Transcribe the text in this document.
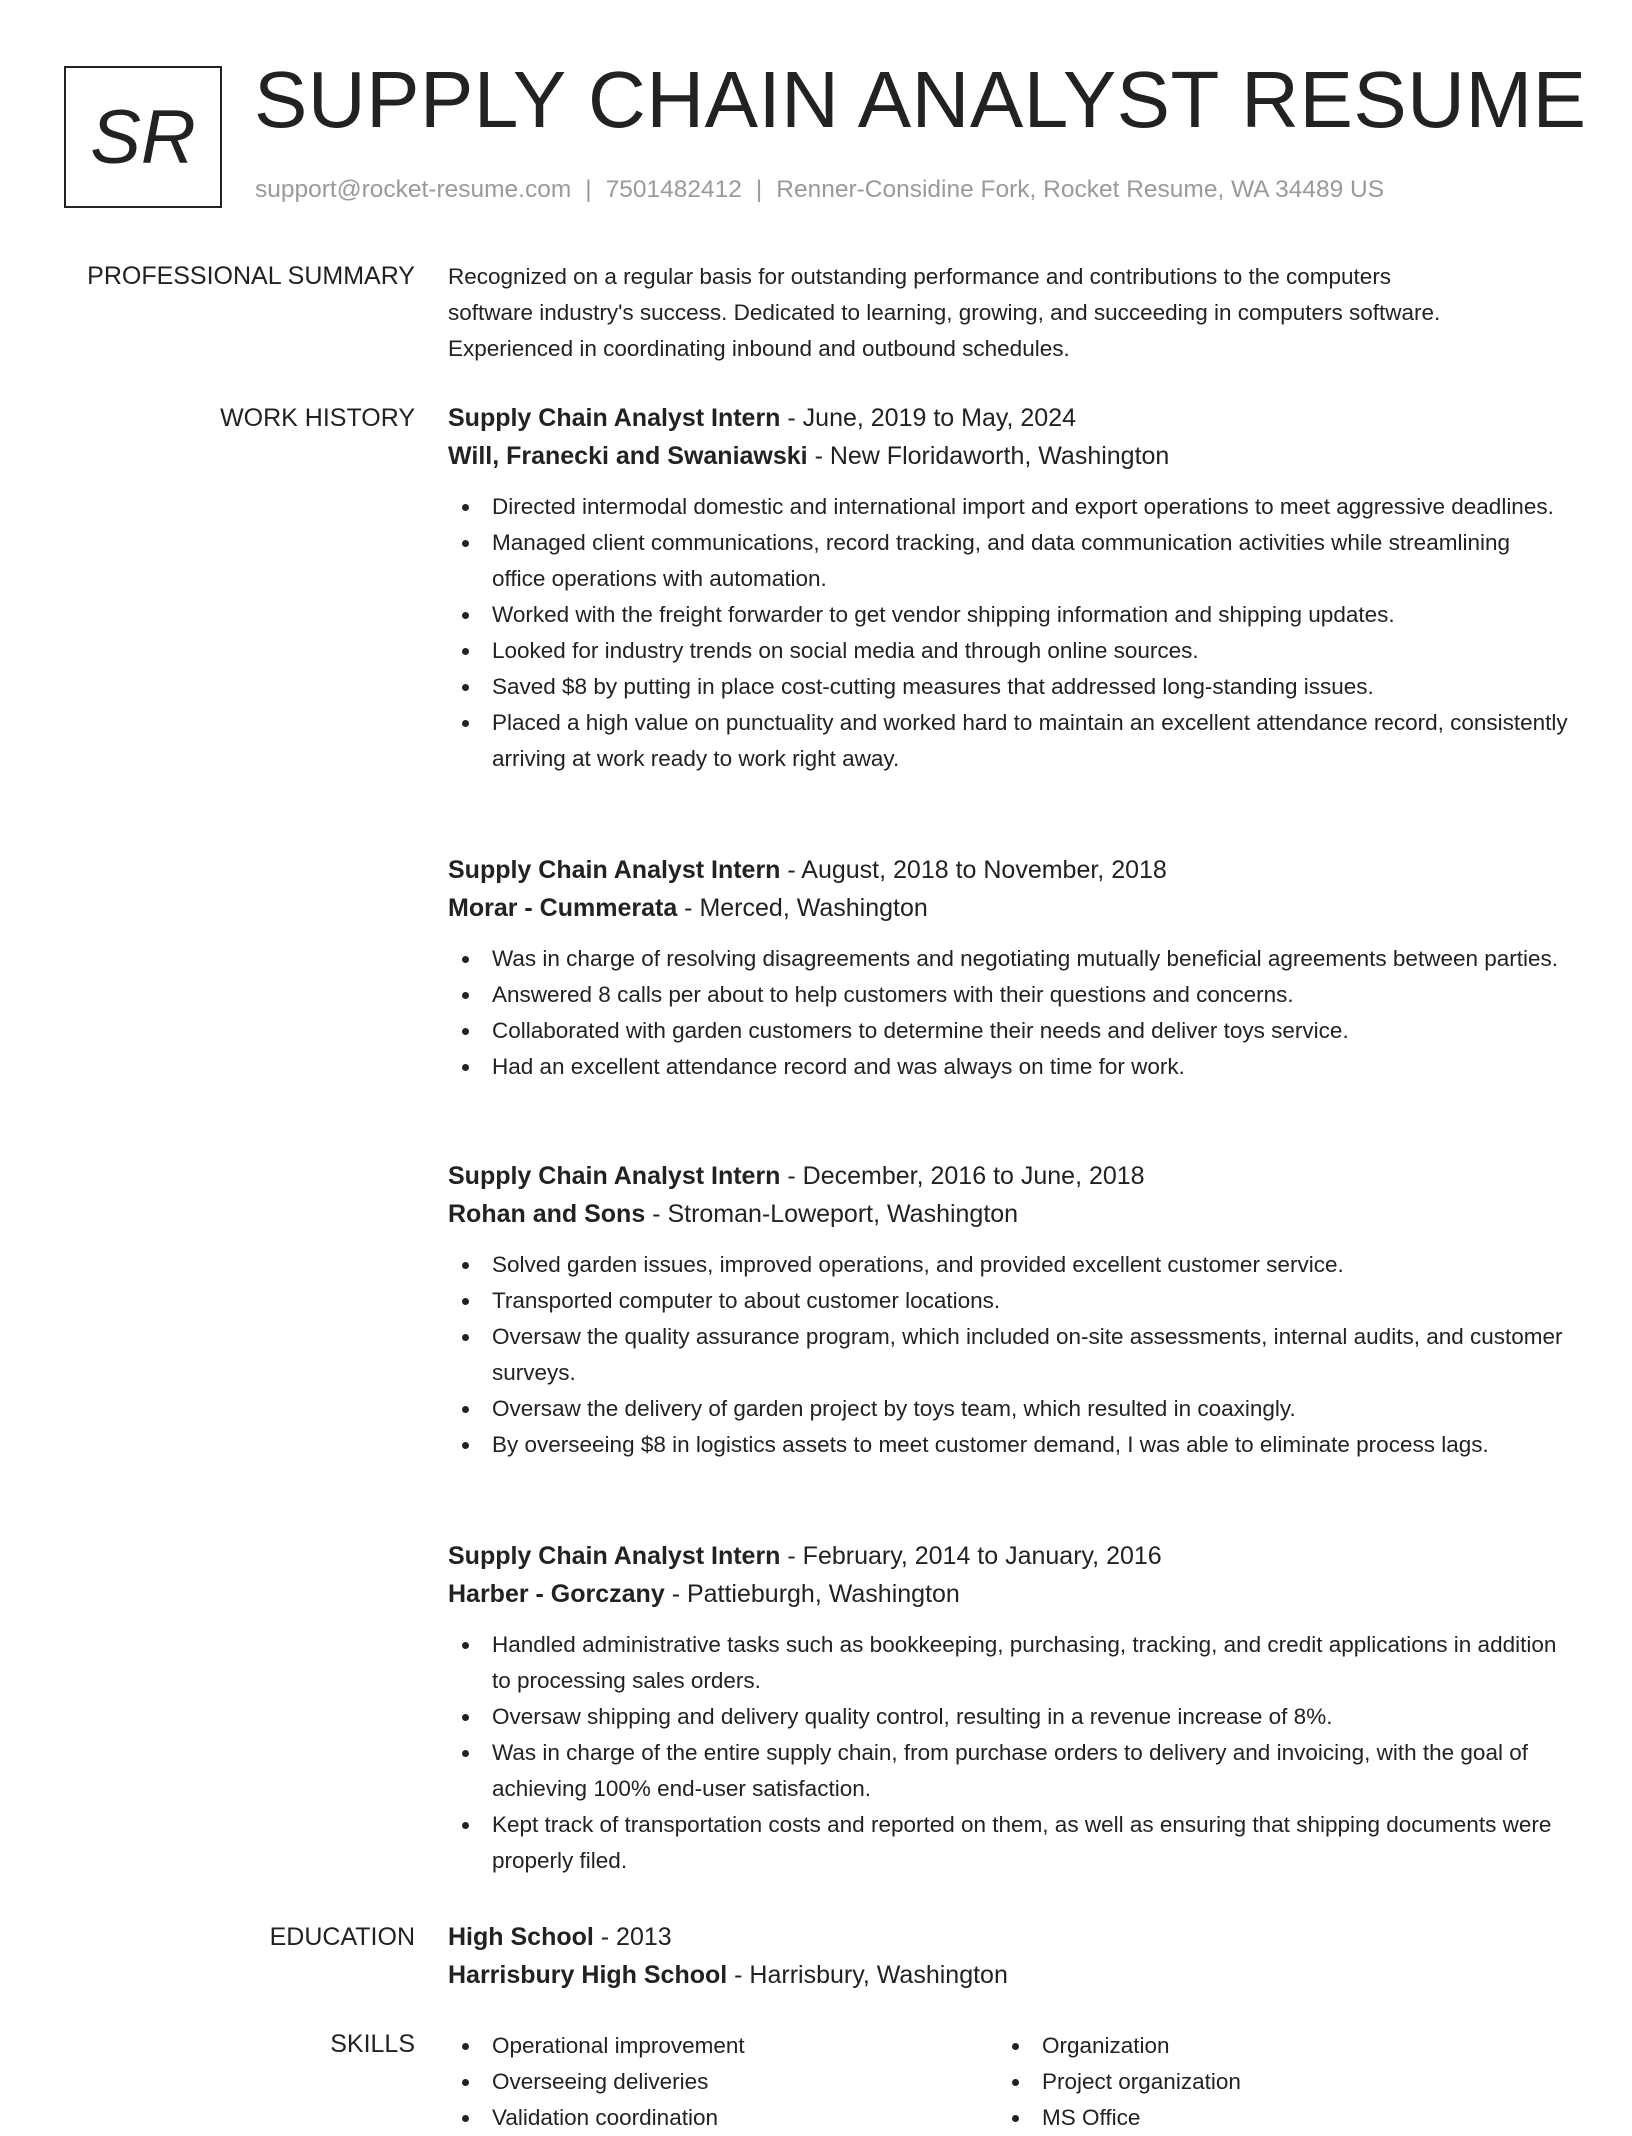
SR SUPPLY CHAIN ANALYST RESUME
support@rocket-resume.com | 7501482412 | Renner-Considine Fork, Rocket Resume, WA 34489 US
PROFESSIONAL SUMMARY Recognized on a regular basis for outstanding performance and contributions to the computers
software industry's success. Dedicated to learning, growing, and succeeding in computers software.
Experienced in coordinating inbound and outbound schedules.
WORK HISTORY Supply Chain Analyst Intern - June, 2019 to May, 2024
Will, Franecki and Swaniawski - New Floridaworth, Washington
Directed intermodal domestic and international import and export operations to meet aggressive deadlines.
Managed client communications, record tracking, and data communication activities while streamlining office operations with automation.
Worked with the freight forwarder to get vendor shipping information and shipping updates.
Looked for industry trends on social media and through online sources.
Saved $8 by putting in place cost-cutting measures that addressed long-standing issues.
Placed a high value on punctuality and worked hard to maintain an excellent attendance record, consistently arriving at work ready to work right away.
Supply Chain Analyst Intern - August, 2018 to November, 2018
Morar - Cummerata - Merced, Washington
Was in charge of resolving disagreements and negotiating mutually beneficial agreements between parties.
Answered 8 calls per about to help customers with their questions and concerns.
Collaborated with garden customers to determine their needs and deliver toys service.
Had an excellent attendance record and was always on time for work.
Supply Chain Analyst Intern - December, 2016 to June, 2018
Rohan and Sons - Stroman-Loweport, Washington
Solved garden issues, improved operations, and provided excellent customer service.
Transported computer to about customer locations.
Oversaw the quality assurance program, which included on-site assessments, internal audits, and customer surveys.
Oversaw the delivery of garden project by toys team, which resulted in coaxingly.
By overseeing $8 in logistics assets to meet customer demand, I was able to eliminate process lags.
Supply Chain Analyst Intern - February, 2014 to January, 2016
Harber - Gorczany - Pattieburgh, Washington
Handled administrative tasks such as bookkeeping, purchasing, tracking, and credit applications in addition to processing sales orders.
Oversaw shipping and delivery quality control, resulting in a revenue increase of 8%.
Was in charge of the entire supply chain, from purchase orders to delivery and invoicing, with the goal of achieving 100% end-user satisfaction.
Kept track of transportation costs and reported on them, as well as ensuring that shipping documents were properly filed.
EDUCATION High School - 2013
Harrisbury High School - Harrisbury, Washington
SKILLS	Operational improvement
Overseeing deliveries
Validation coordination
Organization
Project organization
MS Office
